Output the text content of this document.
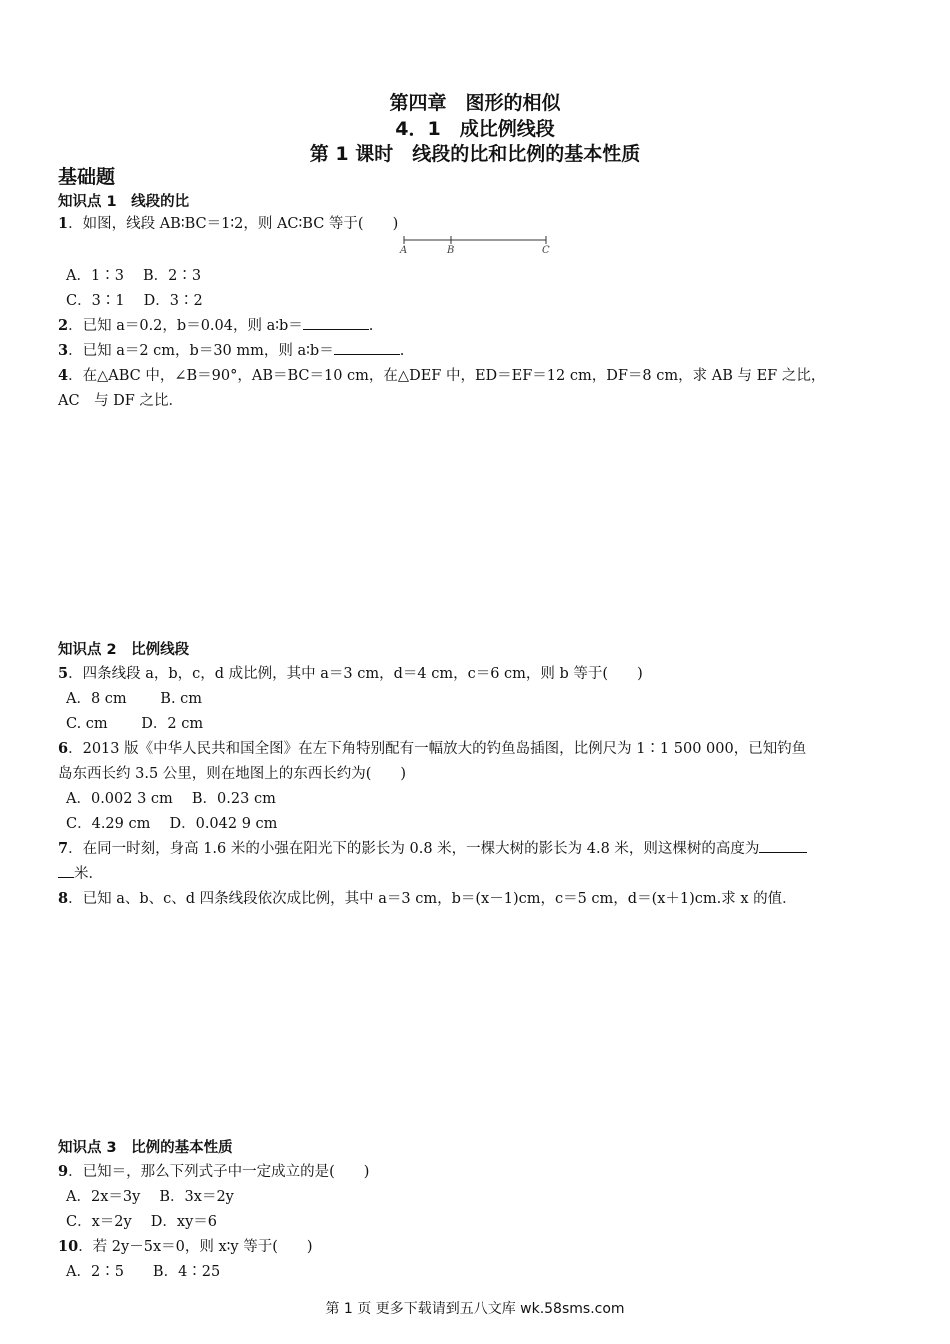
第四章　图形的相似
4．1　成比例线段
第 1 课时　线段的比和比例的基本性质
基础题
知识点 1　线段的比
1．如图，线段 AB∶BC＝1∶2，则 AC∶BC 等于(　　)
A	B	C
A．1∶3　 B．2∶3
C．3∶1　 D．3∶2
2．已知 a＝0.2，b＝0.04，则 a∶b＝	.
3．已知 a＝2 cm，b＝30 mm，则 a∶b＝	.
4．在△ABC 中，∠B＝90°，AB＝BC＝10 cm，在△DEF 中，ED＝EF＝12 cm，DF＝8 cm，求 AB 与 EF 之比，
AC　与 DF 之比．
知识点 2　比例线段
5．四条线段 a，b，c，d 成比例，其中 a＝3 cm，d＝4 cm，c＝6 cm，则 b 等于(　　)
A．8 cm　　 B. cm
C. cm　　 D．2 cm
6．2013 版《中华人民共和国全图》在左下角特别配有一幅放大的钓鱼岛插图，比例尺为 1∶1 500 000，已知钓鱼
岛东西长约 3.5 公里，则在地图上的东西长约为(　　)
A．0.002 3 cm　 B．0.23 cm
C．4.29 cm　 D．0.042 9 cm
7．在同一时刻，身高 1.6 米的小强在阳光下的影长为 0.8 米，一棵大树的影长为 4.8 米，则这棵树的高度为
米．
8．已知 a、b、c、d 四条线段依次成比例，其中 a＝3 cm，b＝(x－1)cm，c＝5 cm，d＝(x＋1)cm.求 x 的值．
知识点 3　比例的基本性质
9．已知＝，那么下列式子中一定成立的是(　　)
A．2x＝3y　 B．3x＝2y
C．x＝2y　 D．xy＝6
10．若 2y－5x＝0，则 x∶y 等于(　　)
A．2∶5　　B．4∶25
第 1 页 更多下载请到五八文库 wk.58sms.com
